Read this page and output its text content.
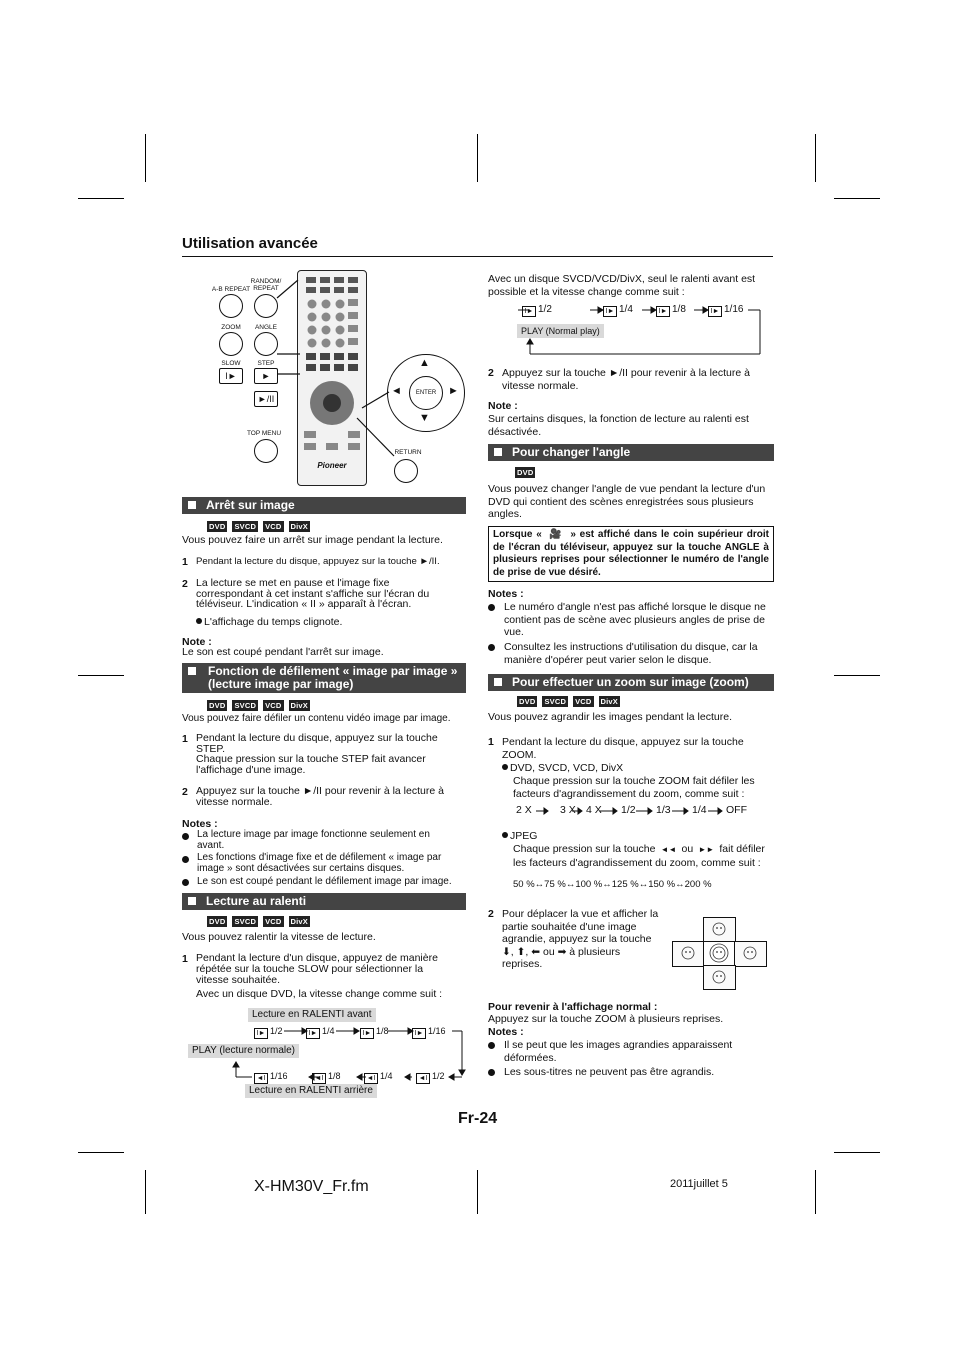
Utilisation avancée
A-B REPEAT
RANDOM/
REPEAT
ZOOM	ANGLE
SLOW	STEP
I►	►
►/II
TOP MENU
Pioneer
ENTER
▲
▼
◄	►
RETURN
Arrêt sur image
DVD SVCD VCD DivX
Vous pouvez faire un arrêt sur image pendant la lecture.
1 Pendant la lecture du disque, appuyez sur la touche ►/II.
2 La lecture se met en pause et l'image fixe correspondant à cet instant s'affiche sur l'écran du téléviseur. L'indication « II » apparaît à l'écran.
L'affichage du temps clignote.
Note :
Le son est coupé pendant l'arrêt sur image.
Fonction de défilement « image par image » (lecture image par image)
DVD SVCD VCD DivX
Vous pouvez faire défiler un contenu vidéo image par image.
1 Pendant la lecture du disque, appuyez sur la touche STEP.
Chaque pression sur la touche STEP fait avancer l'affichage d'une image.
2 Appuyez sur la touche ►/II pour revenir à la lecture à vitesse normale.
Notes :
La lecture image par image fonctionne seulement en avant.
Les fonctions d'image fixe et de défilement « image par image » sont désactivées sur certains disques.
Le son est coupé pendant le défilement image par image.
Lecture au ralenti
DVD SVCD VCD DivX
Vous pouvez ralentir la vitesse de lecture.
1 Pendant la lecture d'un disque, appuyez de manière répétée sur la touche SLOW pour sélectionner la vitesse souhaitée.
Avec un disque DVD, la vitesse change comme suit :
Lecture en RALENTI avant
PLAY (lecture normale)
Lecture en RALENTI arrière
I► 1/2	I► 1/4	I► 1/8	I► 1/16
◄I 1/16	◄I 1/8	◄I 1/4	◄I 1/2
Avec un disque SVCD/VCD/DivX, seul le ralenti avant est possible et la vitesse change comme suit :
I► 1/2	I► 1/4	I► 1/8	I► 1/16
PLAY (Normal play)
2 Appuyez sur la touche ►/II pour revenir à la lecture à vitesse normale.
Note :
Sur certains disques, la fonction de lecture au ralenti est désactivée.
Pour changer l'angle
DVD
Vous pouvez changer l'angle de vue pendant la lecture d'un DVD qui contient des scènes enregistrées sous plusieurs angles.
Lorsque «  🎥  » est affiché dans le coin supérieur droit de l'écran du téléviseur, appuyez sur la touche ANGLE à plusieurs reprises pour sélectionner le numéro de l'angle de prise de vue désiré.
Notes :
Le numéro d'angle n'est pas affiché lorsque le disque ne contient pas de scène avec plusieurs angles de prise de vue.
Consultez les instructions d'utilisation du disque, car la manière d'opérer peut varier selon le disque.
Pour effectuer un zoom sur image (zoom)
DVD SVCD VCD DivX
Vous pouvez agrandir les images pendant la lecture.
1 Pendant la lecture du disque, appuyez sur la touche ZOOM.
DVD, SVCD, VCD, DivX
Chaque pression sur la touche ZOOM fait défiler les facteurs d'agrandissement du zoom, comme suit :
2 X	3 X 4 X 1/2 1/3 1/4 OFF
JPEG
Chaque pression sur la touche  ◄◄  ou  ►►  fait défiler les facteurs d'agrandissement du zoom, comme suit :
50 %↔75 %↔100 %↔125 %↔150 %↔200 %
2 Pour déplacer la vue et afficher la partie souhaitée d'une image agrandie, appuyez sur la touche ⬇, ⬆, ⬅ ou ➡ à plusieurs reprises.
Pour revenir à l'affichage normal :
Appuyez sur la touche ZOOM à plusieurs reprises.
Notes :
Il se peut que les images agrandies apparaissent déformées.
Les sous-titres ne peuvent pas être agrandis.
Fr-24
X-HM30V_Fr.fm	2011juillet 5
